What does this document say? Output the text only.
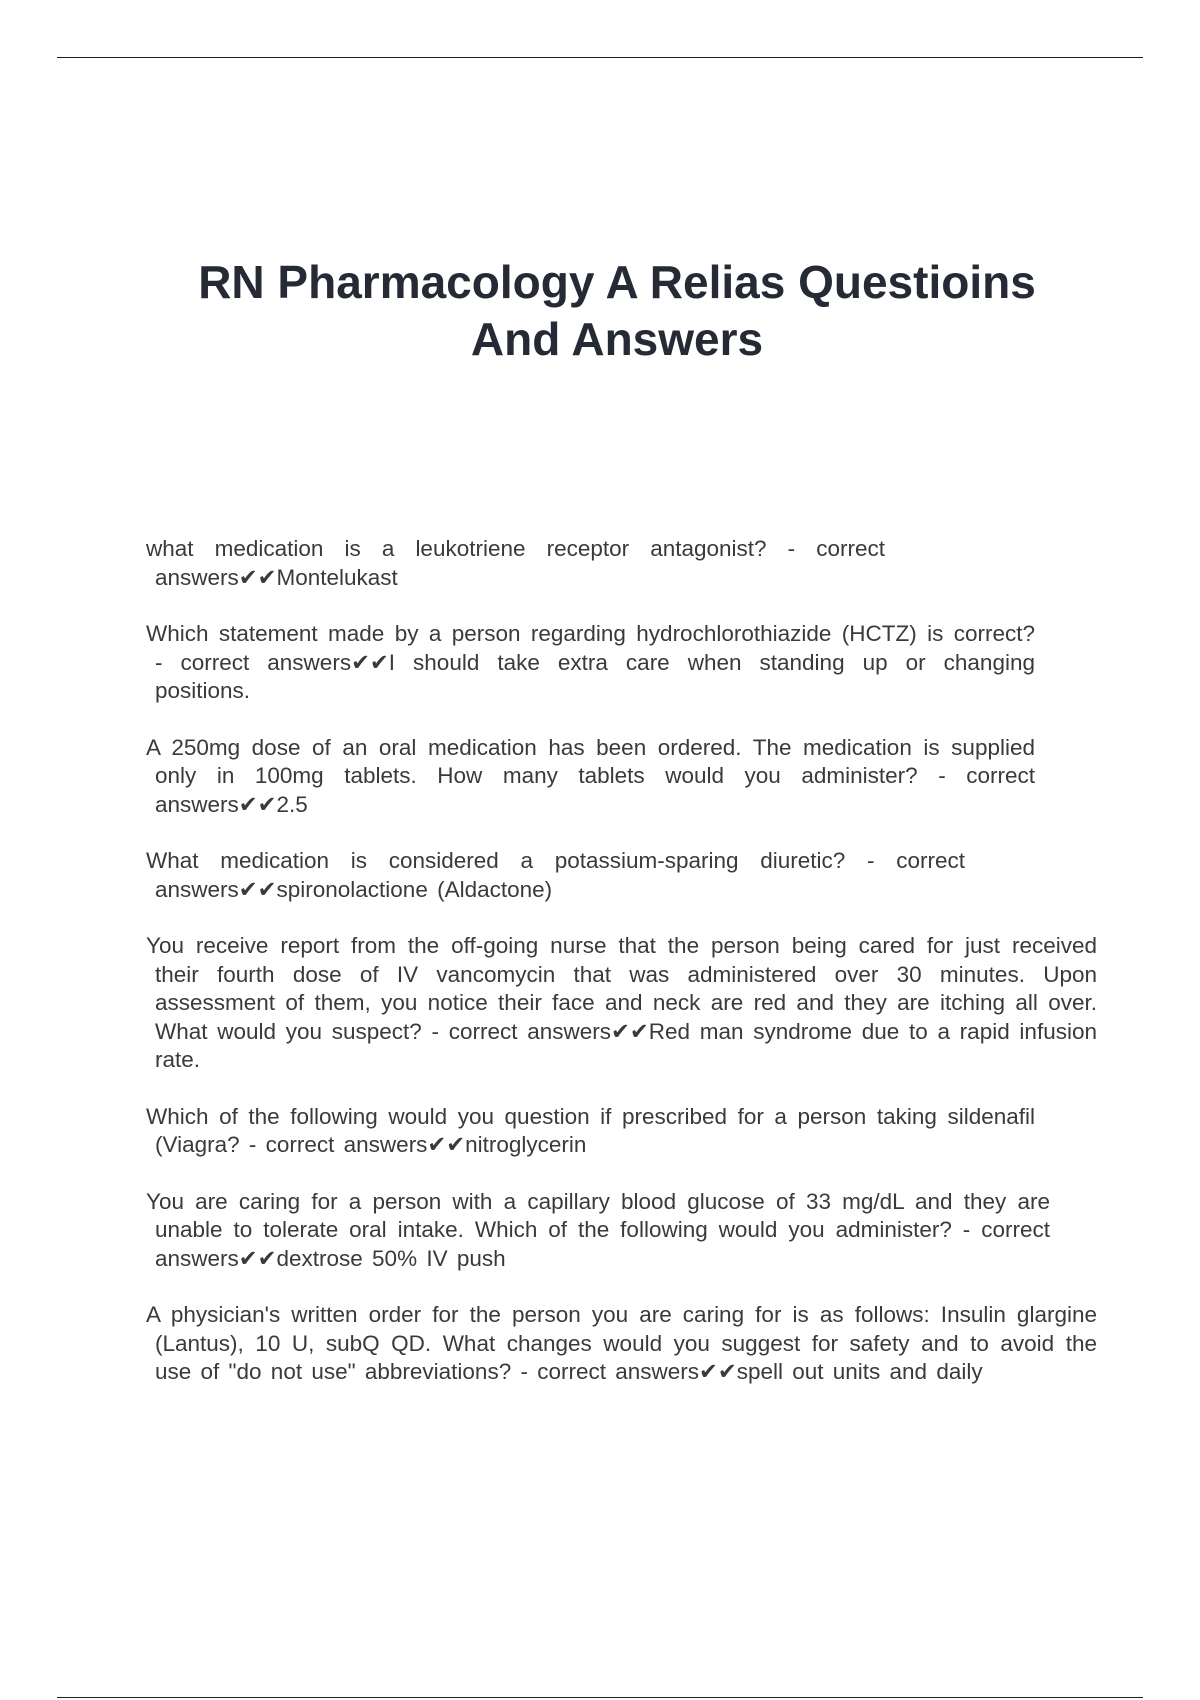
RN Pharmacology A Relias Questioins
And Answers
what medication is a leukotriene receptor antagonist? - correct answers✔✔Montelukast
Which statement made by a person regarding hydrochlorothiazide (HCTZ) is correct? - correct answers✔✔I should take extra care when standing up or changing positions.
A 250mg dose of an oral medication has been ordered. The medication is supplied only in 100mg tablets. How many tablets would you administer? - correct answers✔✔2.5
What medication is considered a potassium-sparing diuretic? - correct answers✔✔spironolactione (Aldactone)
You receive report from the off-going nurse that the person being cared for just received their fourth dose of IV vancomycin that was administered over 30 minutes. Upon assessment of them, you notice their face and neck are red and they are itching all over. What would you suspect? - correct answers✔✔Red man syndrome due to a rapid infusion rate.
Which of the following would you question if prescribed for a person taking sildenafil (Viagra? - correct answers✔✔nitroglycerin
You are caring for a person with a capillary blood glucose of 33 mg/dL and they are unable to tolerate oral intake. Which of the following would you administer? - correct answers✔✔dextrose 50% IV push
A physician's written order for the person you are caring for is as follows: Insulin glargine (Lantus), 10 U, subQ QD. What changes would you suggest for safety and to avoid the use of "do not use" abbreviations? - correct answers✔✔spell out units and daily
